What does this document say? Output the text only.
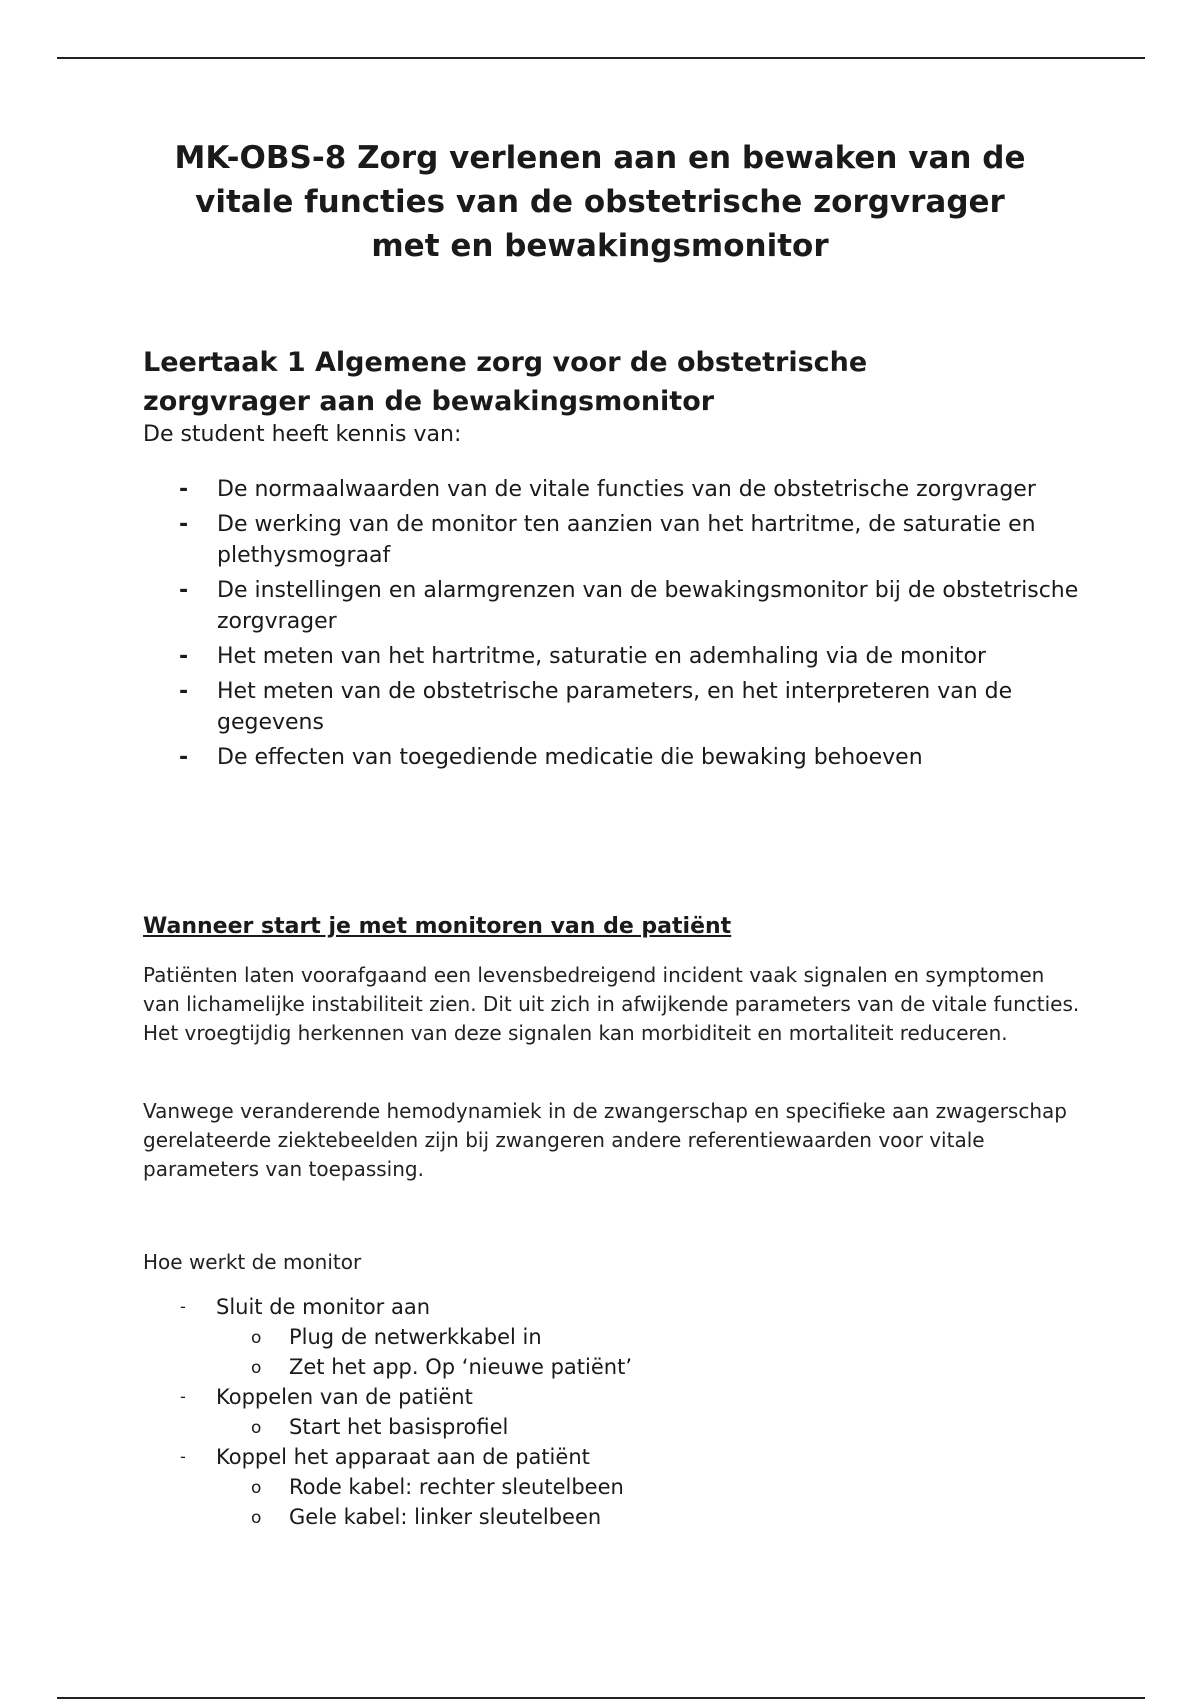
MK-OBS-8 Zorg verlenen aan en bewaken van de
vitale functies van de obstetrische zorgvrager
met en bewakingsmonitor
Leertaak 1 Algemene zorg voor de obstetrische
zorgvrager aan de bewakingsmonitor

De student heeft kennis van:

- De normaalwaarden van de vitale functies van de obstetrische zorgvrager
- De werking van de monitor ten aanzien van het hartritme, de saturatie en plethysmograaf
- De instellingen en alarmgrenzen van de bewakingsmonitor bij de obstetrische zorgvrager
- Het meten van het hartritme, saturatie en ademhaling via de monitor
- Het meten van de obstetrische parameters, en het interpreteren van de gegevens
- De effecten van toegediende medicatie die bewaking behoeven
Wanneer start je met monitoren van de patiënt

Patiënten laten voorafgaand een levensbedreigend incident vaak signalen en symptomen van lichamelijke instabiliteit zien. Dit uit zich in afwijkende parameters van de vitale functies. Het vroegtijdig herkennen van deze signalen kan morbiditeit en mortaliteit reduceren.

Vanwege veranderende hemodynamiek in de zwangerschap en specifieke aan zwagerschap gerelateerde ziektebeelden zijn bij zwangeren andere referentiewaarden voor vitale parameters van toepassing.

Hoe werkt de monitor

- Sluit de monitor aan
o Plug de netwerkkabel in
o Zet het app. Op ‘nieuwe patiënt’
- Koppelen van de patiënt
o Start het basisprofiel
- Koppel het apparaat aan de patiënt
o Rode kabel: rechter sleutelbeen
o Gele kabel: linker sleutelbeen
